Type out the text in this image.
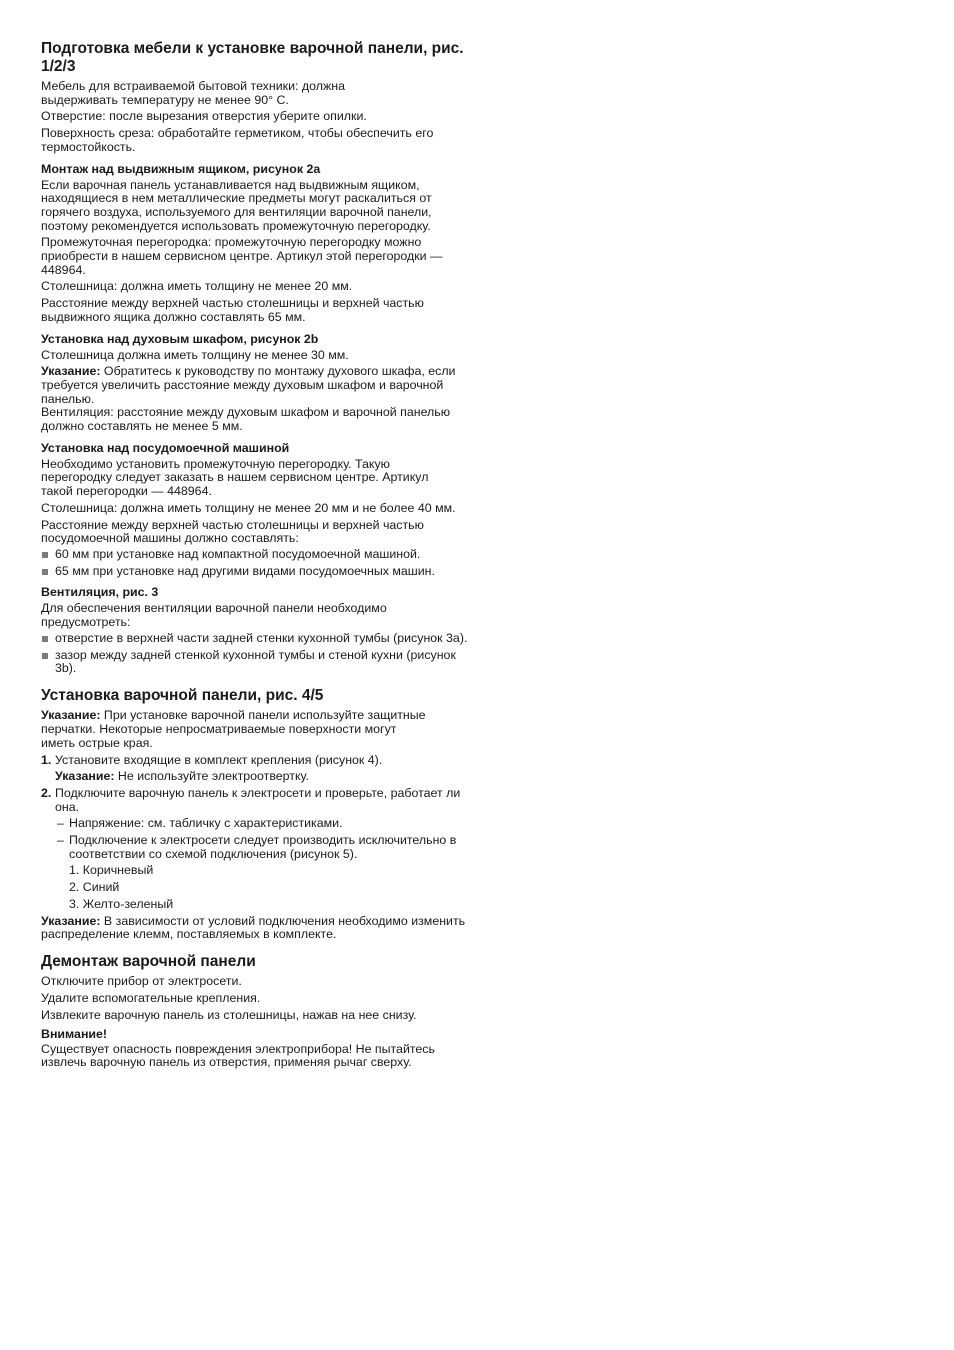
Подготовка мебели к установке варочной панели, рис. 1/2/3

Мебель для встраиваемой бытовой техники: должна выдерживать температуру не менее 90° С.

Отверстие: после вырезания отверстия уберите опилки.

Поверхность среза: обработайте герметиком, чтобы обеспечить его термостойкость.

Монтаж над выдвижным ящиком, рисунок 2a

Если варочная панель устанавливается над выдвижным ящиком, находящиеся в нем металлические предметы могут раскалиться от горячего воздуха, используемого для вентиляции варочной панели, поэтому рекомендуется использовать промежуточную перегородку.

Промежуточная перегородка: промежуточную перегородку можно приобрести в нашем сервисном центре. Артикул этой перегородки — 448964.

Столешница: должна иметь толщину не менее 20 мм.

Расстояние между верхней частью столешницы и верхней частью выдвижного ящика должно составлять 65 мм.

Установка над духовым шкафом, рисунок 2b

Столешница должна иметь толщину не менее 30 мм.

Указание: Обратитесь к руководству по монтажу духового шкафа, если требуется увеличить расстояние между духовым шкафом и варочной панелью.

Вентиляция: расстояние между духовым шкафом и варочной панелью должно составлять не менее 5 мм.

Установка над посудомоечной машиной

Необходимо установить промежуточную перегородку. Такую перегородку следует заказать в нашем сервисном центре. Артикул такой перегородки — 448964.

Столешница: должна иметь толщину не менее 20 мм и не более 40 мм.

Расстояние между верхней частью столешницы и верхней частью посудомоечной машины должно составлять:

60 мм при установке над компактной посудомоечной машиной.

65 мм при установке над другими видами посудомоечных машин.

Вентиляция, рис. 3

Для обеспечения вентиляции варочной панели необходимо предусмотреть:

отверстие в верхней части задней стенки кухонной тумбы (рисунок 3a).

зазор между задней стенкой кухонной тумбы и стеной кухни (рисунок 3b).

Установка варочной панели, рис. 4/5

Указание: При установке варочной панели используйте защитные перчатки. Некоторые непросматриваемые поверхности могут иметь острые края.

1. Установите входящие в комплект крепления (рисунок 4).

Указание: Не используйте электроотвертку.

2. Подключите варочную панель к электросети и проверьте, работает ли она.

– Напряжение: см. табличку с характеристиками.

– Подключение к электросети следует производить исключительно в соответствии со схемой подключения (рисунок 5).

1. Коричневый

2. Синий

3. Желто-зеленый

Указание: В зависимости от условий подключения необходимо изменить распределение клемм, поставляемых в комплекте.

Демонтаж варочной панели

Отключите прибор от электросети.

Удалите вспомогательные крепления.

Извлеките варочную панель из столешницы, нажав на нее снизу.

Внимание!

Существует опасность повреждения электроприбора! Не пытайтесь извлечь варочную панель из отверстия, применяя рычаг сверху.
